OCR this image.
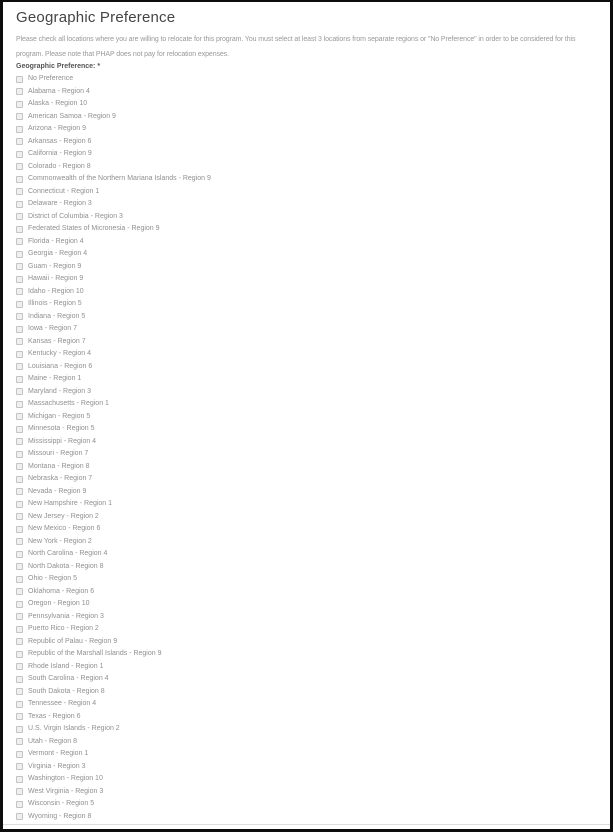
Geographic Preference

Please check all locations where you are willing to relocate for this program. You must select at least 3 locations from separate regions or "No Preference" in order to be considered for this program. Please note that PHAP does not pay for relocation expenses.

Geographic Preference: *
No Preference
Alabama - Region 4
Alaska - Region 10
American Samoa - Region 9
Arizona - Region 9
Arkansas - Region 6
California - Region 9
Colorado - Region 8
Commonwealth of the Northern Mariana Islands - Region 9
Connecticut - Region 1
Delaware - Region 3
District of Columbia - Region 3
Federated States of Micronesia - Region 9
Florida - Region 4
Georgia - Region 4
Guam - Region 9
Hawaii - Region 9
Idaho - Region 10
Illinois - Region 5
Indiana - Region 5
Iowa - Region 7
Kansas - Region 7
Kentucky - Region 4
Louisiana - Region 6
Maine - Region 1
Maryland - Region 3
Massachusetts - Region 1
Michigan - Region 5
Minnesota - Region 5
Mississippi - Region 4
Missouri - Region 7
Montana - Region 8
Nebraska - Region 7
Nevada - Region 9
New Hampshire - Region 1
New Jersey - Region 2
New Mexico - Region 6
New York - Region 2
North Carolina - Region 4
North Dakota - Region 8
Ohio - Region 5
Oklahoma - Region 6
Oregon - Region 10
Pennsylvania - Region 3
Puerto Rico - Region 2
Republic of Palau - Region 9
Republic of the Marshall Islands - Region 9
Rhode Island - Region 1
South Carolina - Region 4
South Dakota - Region 8
Tennessee - Region 4
Texas - Region 6
U.S. Virgin Islands - Region 2
Utah - Region 8
Vermont - Region 1
Virginia - Region 3
Washington - Region 10
West Virginia - Region 3
Wisconsin - Region 5
Wyoming - Region 8
